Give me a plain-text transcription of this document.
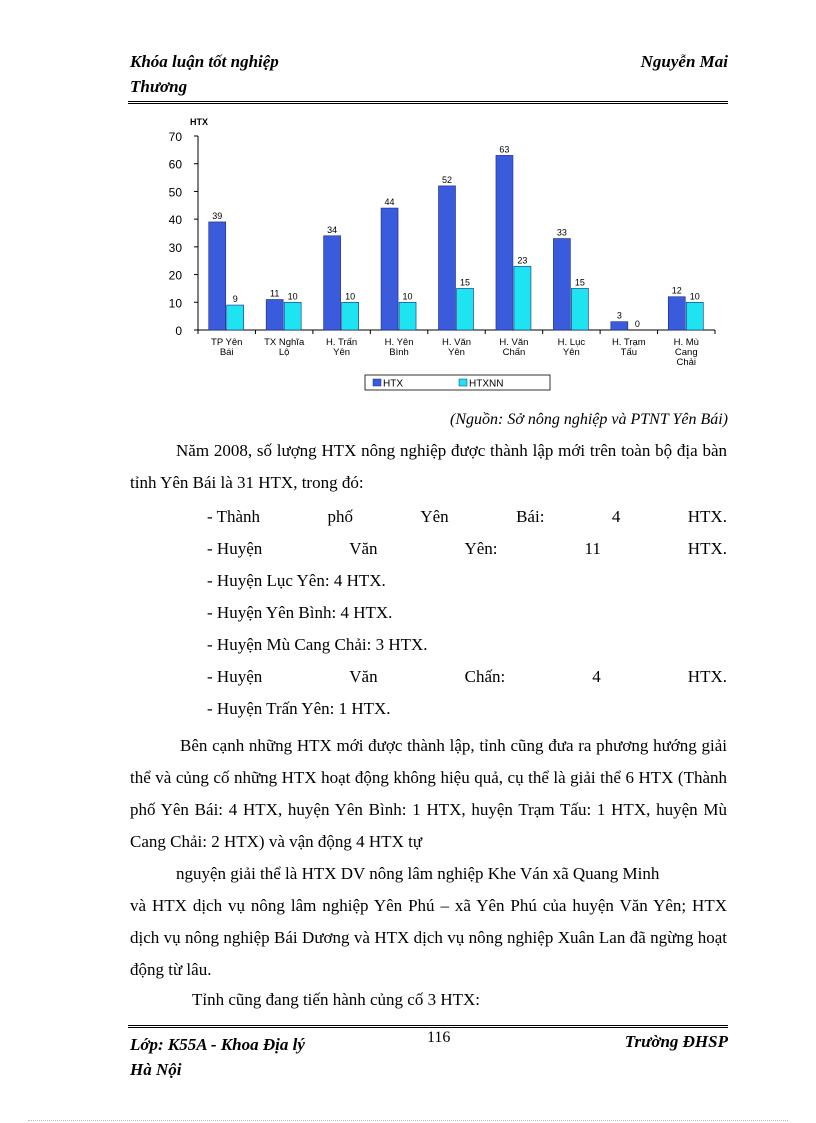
Khóa luận tốt nghiệp	Nguyễn Mai
Thương
HTX
0
10
20
30
40
50
60
70
39
9
TP Yên
Bái
11 10
TX Nghĩa
Lộ
34
10
H. Trấn
Yên
44
10
H. Yên
Bình
52
15
H. Văn
Yên
63
23
H. Văn
Chấn
33
15
H. Lục
Yên
3
0
H. Trạm
Tấu
12
10
H. Mù
Cang
Chải
HTX	HTXNN
(Nguồn: Sở nông nghiệp và PTNT Yên Bái)
Năm 2008, số lượng HTX nông nghiệp được thành lập mới trên toàn bộ địa bàn tỉnh Yên Bái là 31 HTX, trong đó:
Bên cạnh những HTX mới được thành lập, tỉnh cũng đưa ra phương hướng giải thể và củng cố những HTX hoạt động không hiệu quả, cụ thể là giải thể 6 HTX (Thành phố Yên Bái: 4 HTX, huyện Yên Bình: 1 HTX, huyện Trạm Tấu: 1 HTX, huyện Mù Cang Chải: 2 HTX) và vận động 4 HTX tự
nguyện giải thể là HTX DV nông lâm nghiệp Khe Ván xã Quang Minh
và HTX dịch vụ nông lâm nghiệp Yên Phú – xã Yên Phú của huyện Văn Yên; HTX dịch vụ nông nghiệp Bái Dương và HTX dịch vụ nông nghiệp Xuân Lan đã ngừng hoạt động từ lâu.
Tỉnh cũng đang tiến hành củng cố 3 HTX:
Lớp: K55A - Khoa Địa lý
Hà Nội
116	Trường ĐHSP
- Thành	phố	Yên	Bái:	4	HTX.
- Huyện	Văn	Yên:	11	HTX.
- Huyện Lục Yên: 4 HTX.
- Huyện Yên Bình: 4 HTX.
- Huyện Mù Cang Chải: 3 HTX.
- Huyện	Văn	Chấn:	4	HTX.
- Huyện Trấn Yên: 1 HTX.
